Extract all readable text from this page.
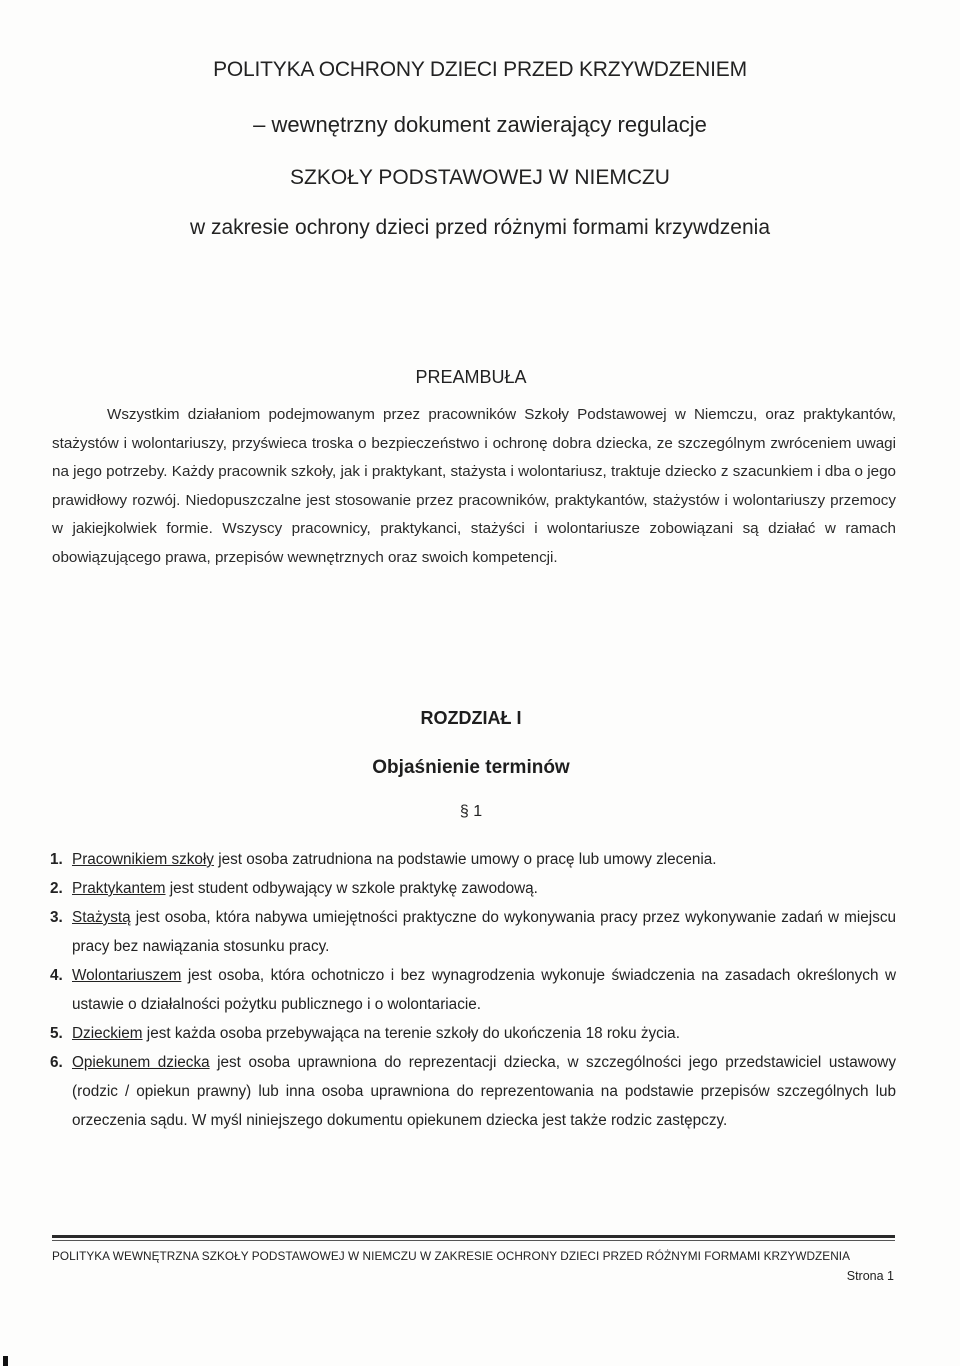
POLITYKA OCHRONY DZIECI PRZED KRZYWDZENIEM
– wewnętrzny dokument zawierający regulacje
SZKOŁY PODSTAWOWEJ W NIEMCZU
w zakresie ochrony dzieci przed różnymi formami krzywdzenia
PREAMBUŁA
Wszystkim działaniom podejmowanym przez pracowników Szkoły Podstawowej w Niemczu, oraz praktykantów, stażystów i wolontariuszy, przyświeca troska o bezpieczeństwo i ochronę dobra dziecka, ze szczególnym zwróceniem uwagi na jego potrzeby. Każdy pracownik szkoły, jak i praktykant, stażysta i wolontariusz, traktuje dziecko z szacunkiem i dba o jego prawidłowy rozwój. Niedopuszczalne jest stosowanie przez pracowników, praktykantów, stażystów i wolontariuszy przemocy w jakiejkolwiek formie. Wszyscy pracownicy, praktykanci, stażyści i wolontariusze zobowiązani są działać w ramach obowiązującego prawa, przepisów wewnętrznych oraz swoich kompetencji.
ROZDZIAŁ I
Objaśnienie terminów
§ 1
1. Pracownikiem szkoły jest osoba zatrudniona na podstawie umowy o pracę lub umowy zlecenia.
2. Praktykantem jest student odbywający w szkole praktykę zawodową.
3. Stażystą jest osoba, która nabywa umiejętności praktyczne do wykonywania pracy przez wykonywanie zadań w miejscu pracy bez nawiązania stosunku pracy.
4. Wolontariuszem jest osoba, która ochotniczo i bez wynagrodzenia wykonuje świadczenia na zasadach określonych w ustawie o działalności pożytku publicznego i o wolontariacie.
5. Dzieckiem jest każda osoba przebywająca na terenie szkoły do ukończenia 18 roku życia.
6. Opiekunem dziecka jest osoba uprawniona do reprezentacji dziecka, w szczególności jego przedstawiciel ustawowy (rodzic / opiekun prawny) lub inna osoba uprawniona do reprezentowania na podstawie przepisów szczególnych lub orzeczenia sądu. W myśl niniejszego dokumentu opiekunem dziecka jest także rodzic zastępczy.
POLITYKA WEWNĘTRZNA SZKOŁY PODSTAWOWEJ W NIEMCZU W ZAKRESIE OCHRONY DZIECI PRZED RÓŻNYMI FORMAMI KRZYWDZENIA
Strona 1
